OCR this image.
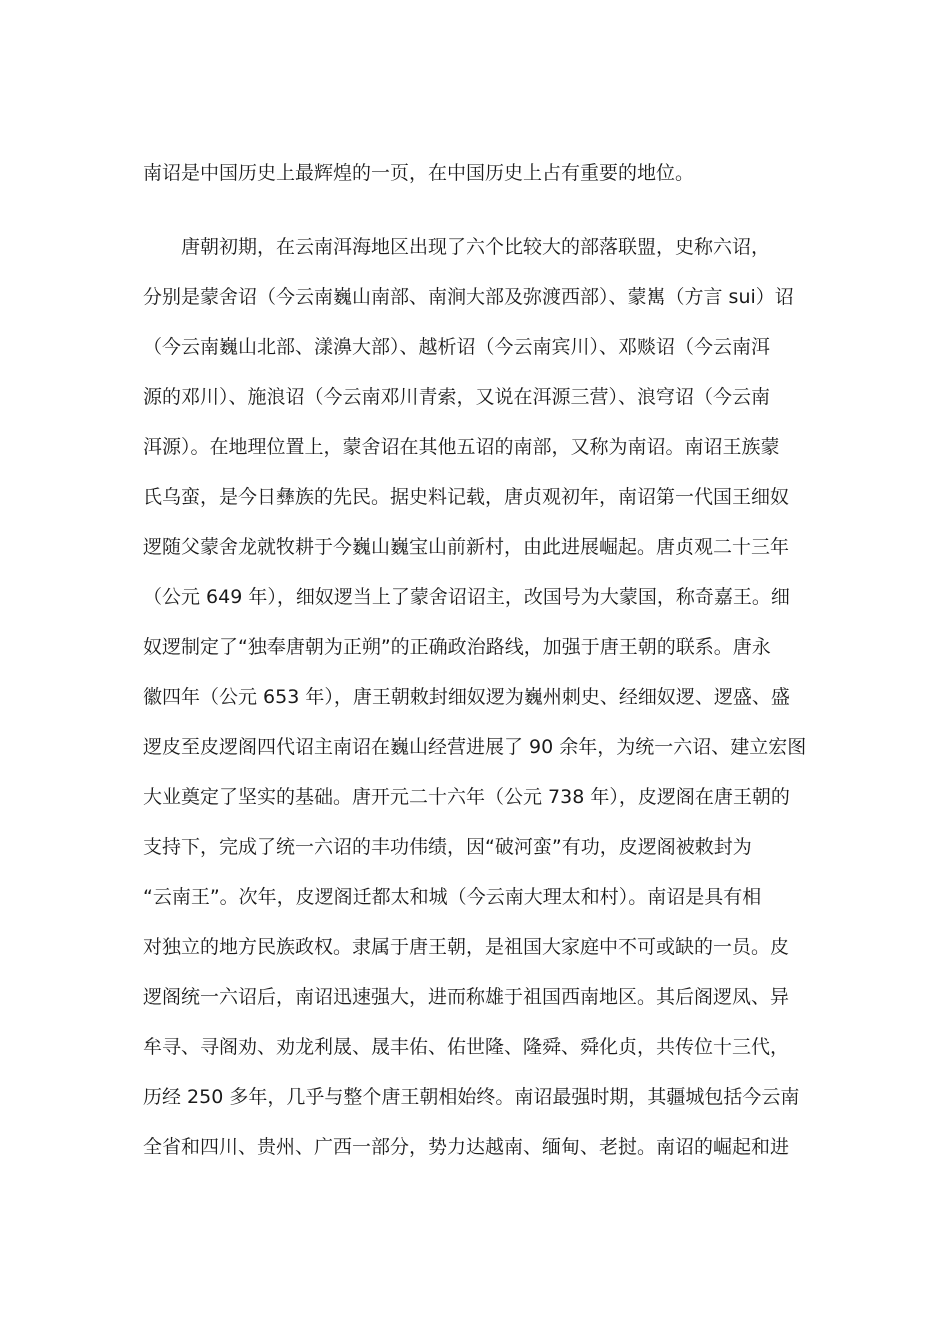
南诏是中国历史上最辉煌的一页，在中国历史上占有重要的地位。
唐朝初期，在云南洱海地区出现了六个比较大的部落联盟，史称六诏，
分别是蒙舍诏（今云南巍山南部、南涧大部及弥渡西部）、蒙嶲（方言 sui）诏
（今云南巍山北部、漾濞大部）、越析诏（今云南宾川）、邓赕诏（今云南洱
源的邓川）、施浪诏（今云南邓川青索，又说在洱源三营）、浪穹诏（今云南
洱源）。在地理位置上，蒙舍诏在其他五诏的南部，又称为南诏。南诏王族蒙
氏乌蛮，是今日彝族的先民。据史料记载，唐贞观初年，南诏第一代国王细奴
逻随父蒙舍龙就牧耕于今巍山巍宝山前新村，由此进展崛起。唐贞观二十三年
（公元 649 年），细奴逻当上了蒙舍诏诏主，改国号为大蒙国，称奇嘉王。细
奴逻制定了“独奉唐朝为正朔”的正确政治路线，加强于唐王朝的联系。唐永
徽四年（公元 653 年），唐王朝敕封细奴逻为巍州刺史、经细奴逻、逻盛、盛
逻皮至皮逻阁四代诏主南诏在巍山经营进展了 90 余年，为统一六诏、建立宏图
大业奠定了坚实的基础。唐开元二十六年（公元 738 年），皮逻阁在唐王朝的
支持下，完成了统一六诏的丰功伟绩，因“破河蛮”有功，皮逻阁被敕封为
“云南王”。次年，皮逻阁迁都太和城（今云南大理太和村）。南诏是具有相
对独立的地方民族政权。隶属于唐王朝，是祖国大家庭中不可或缺的一员。皮
逻阁统一六诏后，南诏迅速强大，进而称雄于祖国西南地区。其后阁逻凤、异
牟寻、寻阁劝、劝龙利晟、晟丰佑、佑世隆、隆舜、舜化贞，共传位十三代，
历经 250 多年，几乎与整个唐王朝相始终。南诏最强时期，其疆城包括今云南
全省和四川、贵州、广西一部分，势力达越南、缅甸、老挝。南诏的崛起和进
